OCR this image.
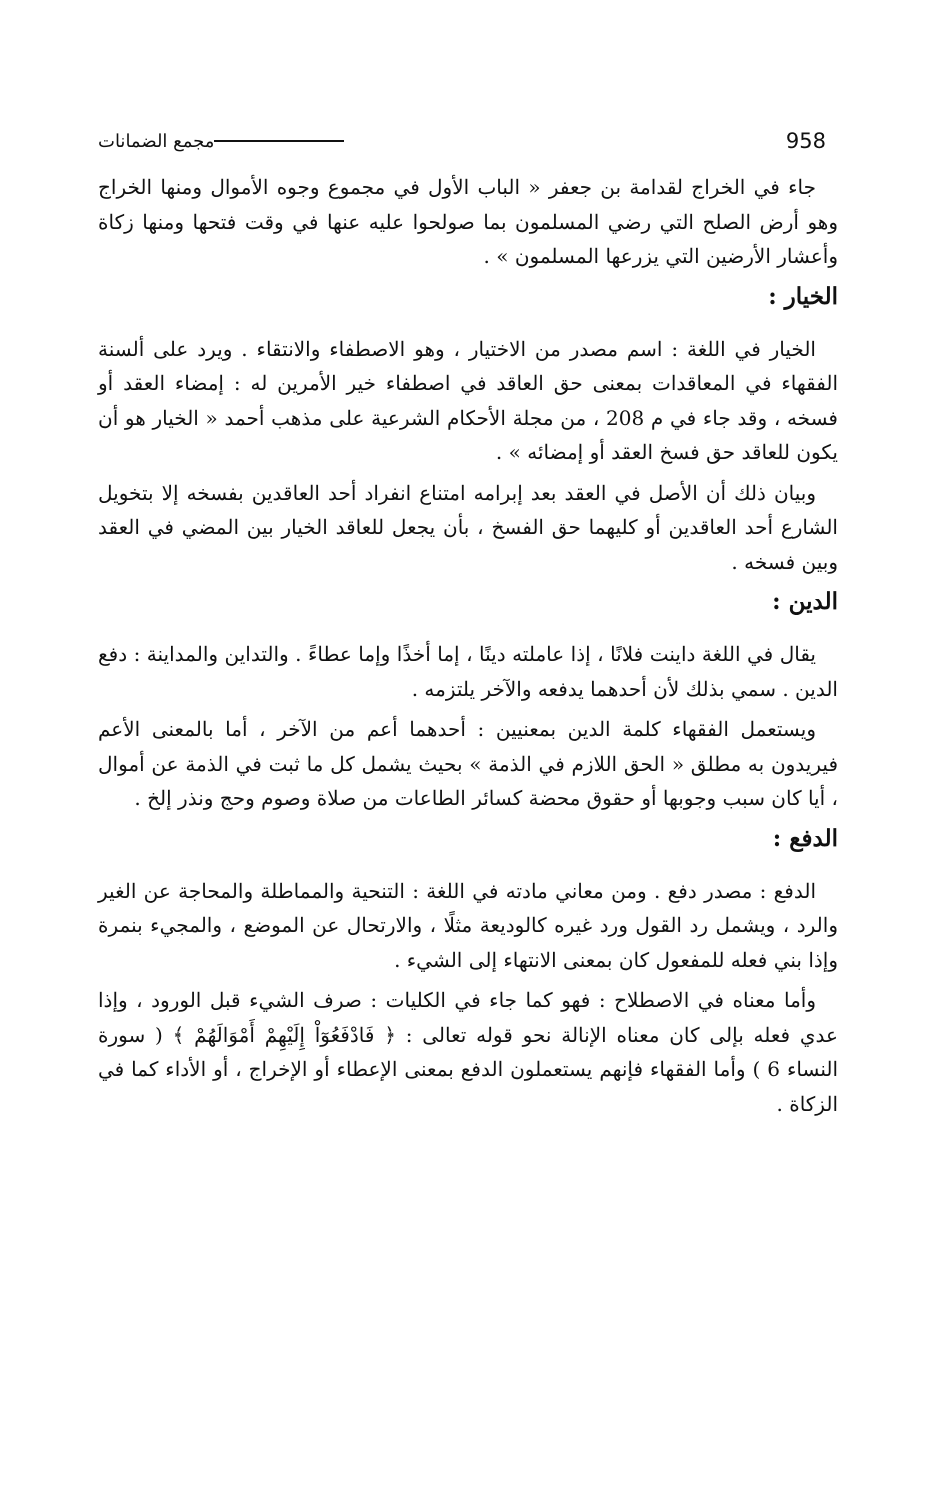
مجمع الضمانات	958

جاء في الخراج لقدامة بن جعفر « الباب الأول في مجموع وجوه الأموال ومنها الخراج وهو أرض الصلح التي رضي المسلمون بما صولحوا عليه عنها في وقت فتحها ومنها زكاة وأعشار الأرضين التي يزرعها المسلمون » .

الخيار :

الخيار في اللغة : اسم مصدر من الاختيار ، وهو الاصطفاء والانتقاء . ويرد على ألسنة الفقهاء في المعاقدات بمعنى حق العاقد في اصطفاء خير الأمرين له : إمضاء العقد أو فسخه ، وقد جاء في م 208 ، من مجلة الأحكام الشرعية على مذهب أحمد « الخيار هو أن يكون للعاقد حق فسخ العقد أو إمضائه » .

وبيان ذلك أن الأصل في العقد بعد إبرامه امتناع انفراد أحد العاقدين بفسخه إلا بتخويل الشارع أحد العاقدين أو كليهما حق الفسخ ، بأن يجعل للعاقد الخيار بين المضي في العقد وبين فسخه .

الدين :

يقال في اللغة داينت فلانًا ، إذا عاملته دينًا ، إما أخذًا وإما عطاءً . والتداين والمداينة : دفع الدين . سمي بذلك لأن أحدهما يدفعه والآخر يلتزمه .

ويستعمل الفقهاء كلمة الدين بمعنيين : أحدهما أعم من الآخر ، أما بالمعنى الأعم فيريدون به مطلق « الحق اللازم في الذمة » بحيث يشمل كل ما ثبت في الذمة عن أموال ، أيا كان سبب وجوبها أو حقوق محضة كسائر الطاعات من صلاة وصوم وحج ونذر إلخ .

الدفع :

الدفع : مصدر دفع . ومن معاني مادته في اللغة : التنحية والمماطلة والمحاجة عن الغير والرد ، ويشمل رد القول ورد غيره كالوديعة مثلًا ، والارتحال عن الموضع ، والمجيء بنمرة وإذا بني فعله للمفعول كان بمعنى الانتهاء إلى الشيء .

وأما معناه في الاصطلاح : فهو كما جاء في الكليات : صرف الشيء قبل الورود ، وإذا عدي فعله بإلى كان معناه الإنالة نحو قوله تعالى : ﴿ فَادْفَعُوٓاْ إِلَيْهِمْ أَمْوَالَهُمْ ﴾ ( سورة النساء 6 ) وأما الفقهاء فإنهم يستعملون الدفع بمعنى الإعطاء أو الإخراج ، أو الأداء كما في الزكاة .
